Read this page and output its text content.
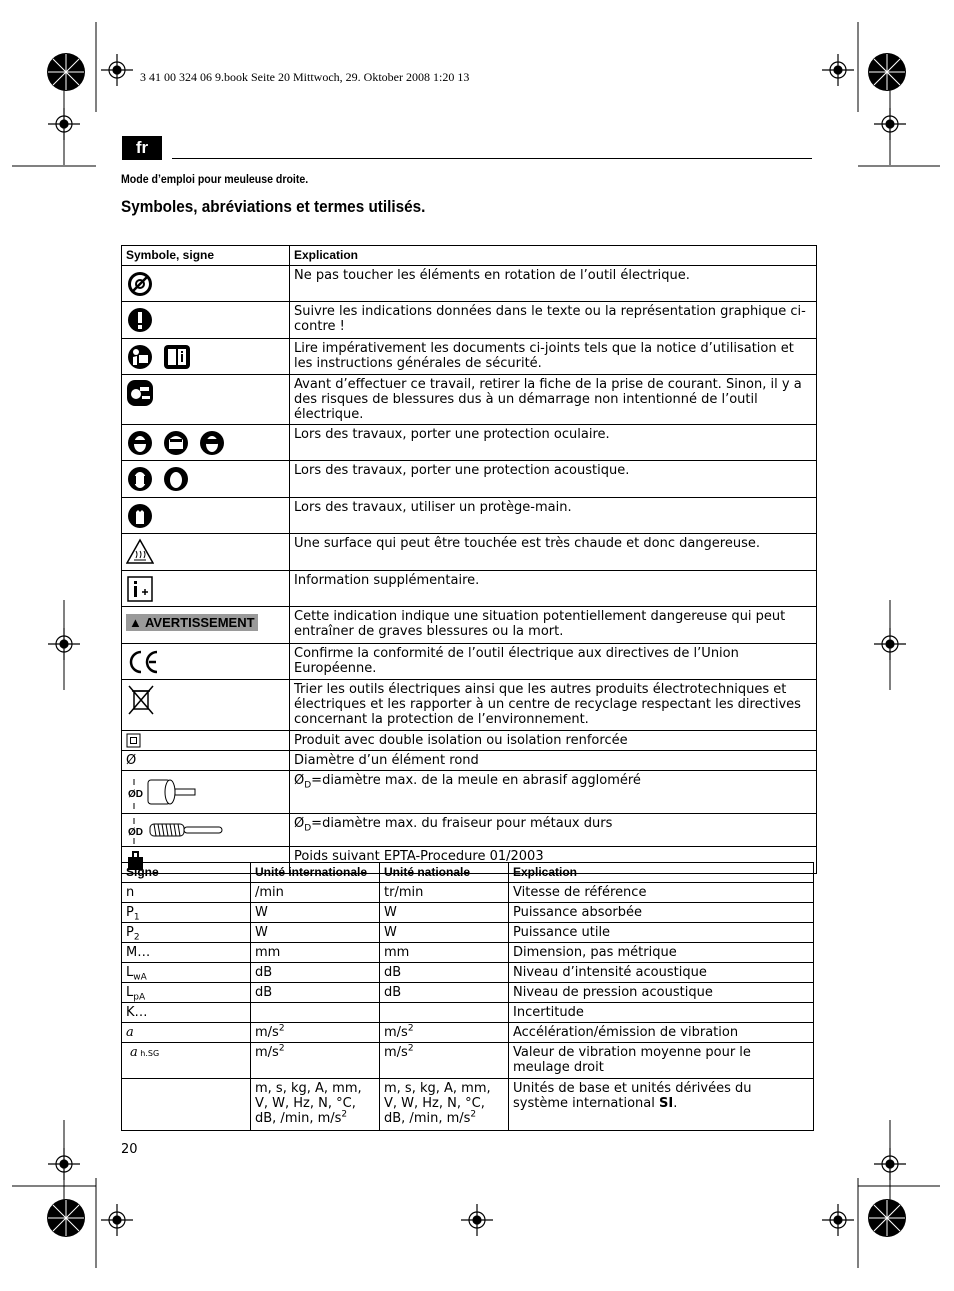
3 41 00 324 06 9.book Seite 20 Mittwoch, 29. Oktober 2008 1:20 13
fr
Mode d’emploi pour meuleuse droite.
Symboles, abréviations et termes utilisés.
Symbole, signe	Explication
	Ne pas toucher les éléments en rotation de l’outil électrique.
	Suivre les indications données dans le texte ou la représentation graphique ci-contre !
	Lire impérativement les documents ci-joints tels que la notice d’utilisation et les instructions générales de sécurité.
	Avant d’effectuer ce travail, retirer la fiche de la prise de courant. Sinon, il y a des risques de blessures dus à un démarrage non intentionné de l’outil électrique.
	Lors des travaux, porter une protection oculaire.
	Lors des travaux, porter une protection acoustique.
	Lors des travaux, utiliser un protège-main.
	Une surface qui peut être touchée est très chaude et donc dangereuse.
	Information supplémentaire.
▲ AVERTISSEMENT	Cette indication indique une situation potentiellement dangereuse qui peut entraîner de graves blessures ou la mort.
	Confirme la conformité de l’outil électrique aux directives de l’Union Européenne.
	Trier les outils électriques ainsi que les autres produits électrotechniques et électriques et les rapporter à un centre de recyclage respectant les directives concernant la protection de l’environnement.
	Produit avec double isolation ou isolation renforcée
Ø	Diamètre d’un élément rond

ØD	$Ø_D=diamètre$ max. de la meule en abrasif aggloméré

ØD	$Ø_D=diamètre$ max. du fraiseur pour métaux durs
	Poids suivant EPTA-Procedure 01/2003
Signe	Unité internationale	Unité nationale	Explication
n	/min	tr/min	Vitesse de référence
$P_1$	W	W	Puissance absorbée
$P_2$	W	W	Puissance utile
M…	mm	mm	Dimension, pas métrique
$L_{wA}$	dB	dB	Niveau d’intensité acoustique
$L_{pA}$	dB	dB	Niveau de pression acoustique
K…			Incertitude
a	$m/s^2$	$m/s^2$	Accélération/émission de vibration
a h.SG	$m/s^2$	$m/s^2$	Valeur de vibration moyenne pour le meulage droit
	m, s, kg, A, mm, V, W, Hz, N, °C, dB, /min, $m/s^2$	m, s, kg, A, mm, V, W, Hz, N, °C, dB, /min, $m/s^2$	Unités de base et unités dérivées du système international SI.
20
